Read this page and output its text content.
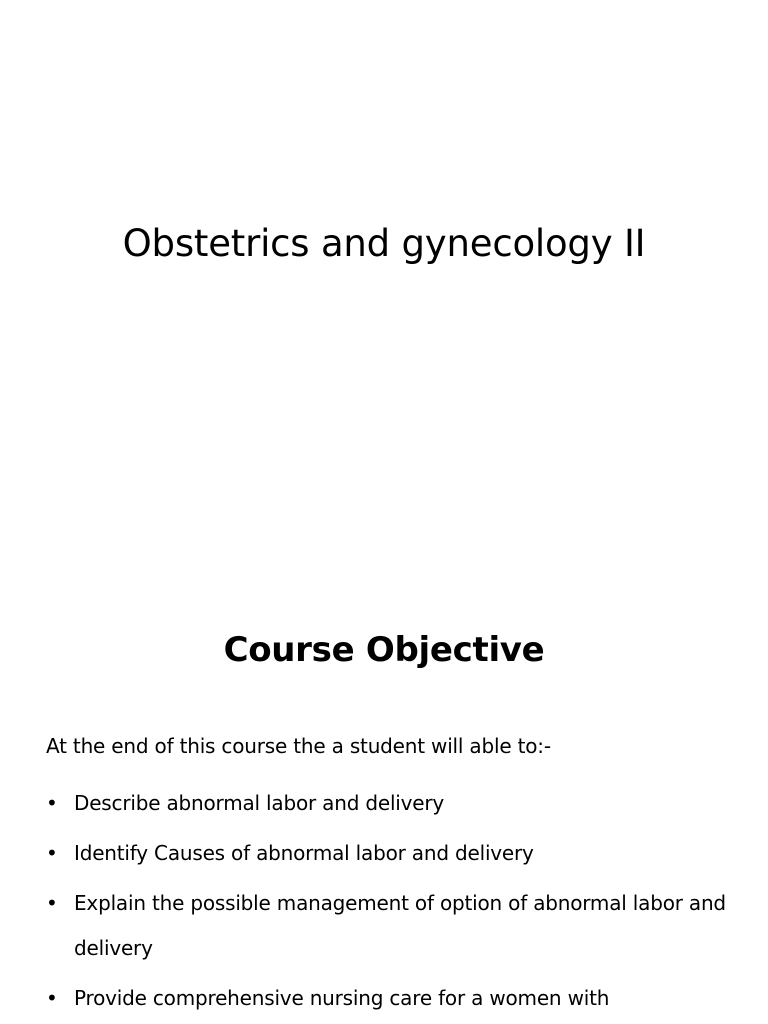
Obstetrics and gynecology II
Course Objective

At the end of this course the a student will able to:-

• Describe abnormal labor and delivery
• Identify Causes of abnormal labor and delivery
• Explain the possible management of option of abnormal labor and delivery
• Provide comprehensive nursing care for a women with
